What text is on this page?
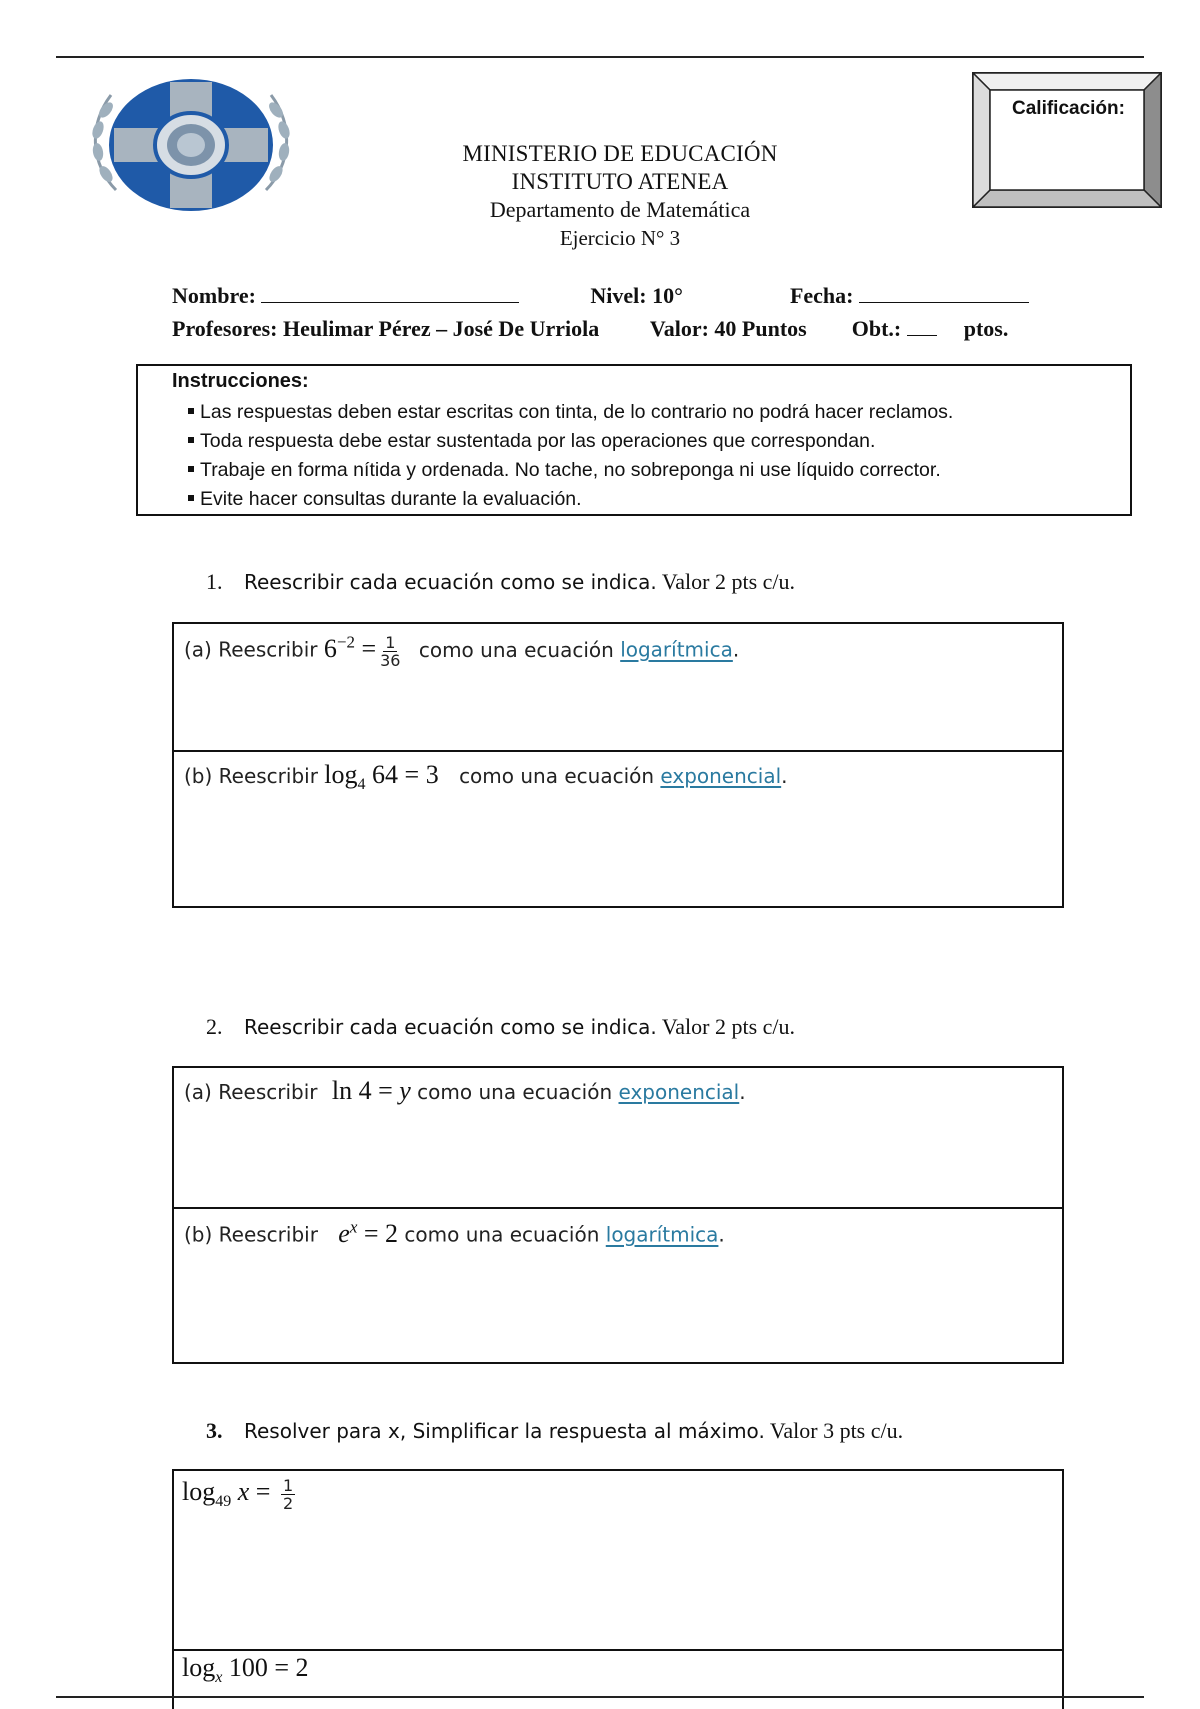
MINISTERIO DE EDUCACIÓN
INSTITUTO ATENEA
Departamento de Matemática
Ejercicio N° 3
Calificación:
Nombre:	Nivel: 10°	Fecha:
Profesores: Heulimar Pérez – José De Urriola Valor: 40 Puntos Obt.:	ptos.
Instrucciones:
Las respuestas deben estar escritas con tinta, de lo contrario no podrá hacer reclamos.
Toda respuesta debe estar sustentada por las operaciones que correspondan.
Trabaje en forma nítida y ordenada. No tache, no sobreponga ni use líquido corrector.
Evite hacer consultas durante la evaluación.
1. Reescribir cada ecuación como se indica. Valor 2 pts c/u.
(a) Reescribir $6^{-2} = \frac{1}{36}$ como una ecuación logarítmica.
(b) Reescribir $\log_4 64 = 3$ como una ecuación exponencial.
2. Reescribir cada ecuación como se indica. Valor 2 pts c/u.
(a) Reescribir ln 4 = y como una ecuación exponencial.
(b) Reescribir $e^x = 2$ como una ecuación logarítmica.
3. Resolver para x, Simplificar la respuesta al máximo. Valor 3 pts c/u.
$\log_{49} x = \frac{1}{2}$
$\log_x 100 = 2$
